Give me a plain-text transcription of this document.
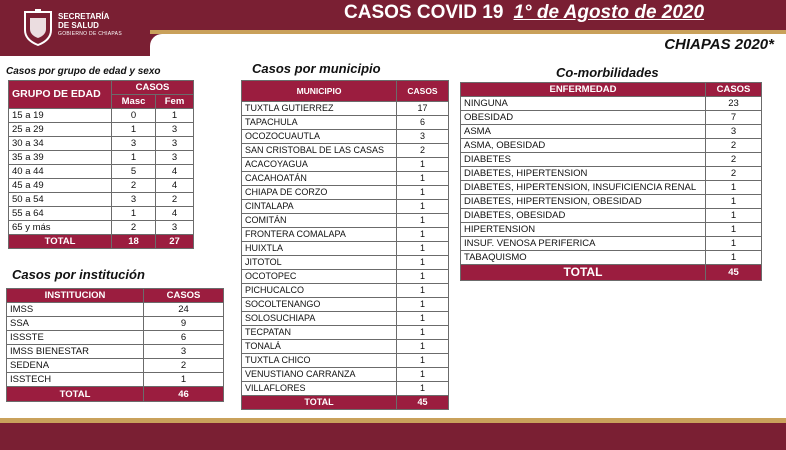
SECRETARÍA
DE SALUD
GOBIERNO DE CHIAPAS
CASOS COVID 19 1° de Agosto de 2020
CHIAPAS 2020*
Casos por grupo de edad y sexo
GRUPO DE EDAD	CASOS	
	Masc	Fem
15 a 19	0	1
25 a 29	1	3
30 a 34	3	3
35 a 39	1	3
40 a 44	5	4
45 a 49	2	4
50 a 54	3	2
55 a 64	1	4
65 y más	2	3
TOTAL	18	27
Casos por institución
INSTITUCION	CASOS
IMSS	24
SSA	9
ISSSTE	6
IMSS BIENESTAR	3
SEDENA	2
ISSTECH	1
TOTAL	46
Casos por municipio
MUNICIPIO	CASOS
TUXTLA GUTIERREZ	17
TAPACHULA	6
OCOZOCUAUTLA	3
SAN CRISTOBAL DE LAS CASAS	2
ACACOYAGUA	1
CACAHOATÁN	1
CHIAPA DE CORZO	1
CINTALAPA	1
COMITÁN	1
FRONTERA COMALAPA	1
HUIXTLA	1
JITOTOL	1
OCOTOPEC	1
PICHUCALCO	1
SOCOLTENANGO	1
SOLOSUCHIAPA	1
TECPATAN	1
TONALÁ	1
TUXTLA CHICO	1
VENUSTIANO CARRANZA	1
VILLAFLORES	1
TOTAL	45
Co-morbilidades
ENFERMEDAD	CASOS
NINGUNA	23
OBESIDAD	7
ASMA	3
ASMA, OBESIDAD	2
DIABETES	2
DIABETES, HIPERTENSION	2
DIABETES, HIPERTENSION, INSUFICIENCIA RENAL	1
DIABETES, HIPERTENSION, OBESIDAD	1
DIABETES, OBESIDAD	1
HIPERTENSION	1
INSUF. VENOSA PERIFERICA	1
TABAQUISMO	1
TOTAL	45
